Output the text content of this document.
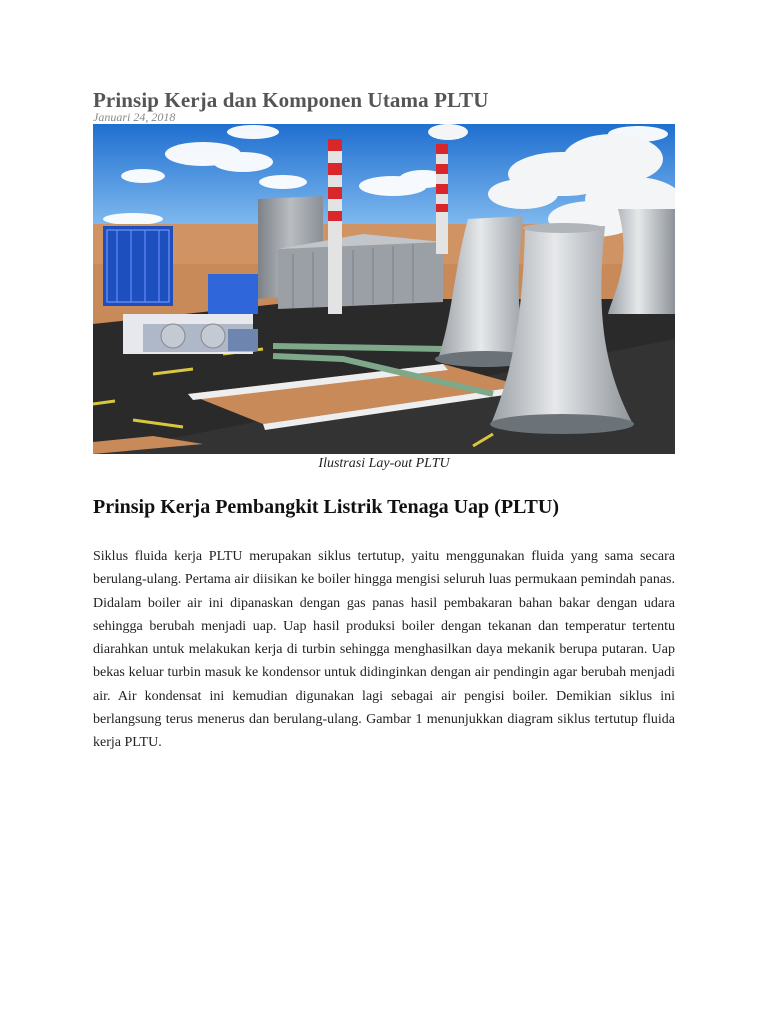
Prinsip Kerja dan Komponen Utama PLTU
Januari 24, 2018

Ilustrasi Lay-out PLTU

Prinsip Kerja Pembangkit Listrik Tenaga Uap (PLTU)

Siklus fluida kerja PLTU merupakan siklus tertutup, yaitu menggunakan fluida yang sama secara berulang-ulang. Pertama air diisikan ke boiler hingga mengisi seluruh luas permukaan pemindah panas. Didalam boiler air ini dipanaskan dengan gas panas hasil pembakaran bahan bakar dengan udara sehingga berubah menjadi uap. Uap hasil produksi boiler dengan tekanan dan temperatur tertentu diarahkan untuk melakukan kerja di turbin sehingga menghasilkan daya mekanik berupa putaran. Uap bekas keluar turbin masuk ke kondensor untuk didinginkan dengan air pendingin agar berubah menjadi air. Air kondensat ini kemudian digunakan lagi sebagai air pengisi boiler. Demikian siklus ini berlangsung terus menerus dan berulang-ulang. Gambar 1 menunjukkan diagram siklus tertutup fluida kerja PLTU.
